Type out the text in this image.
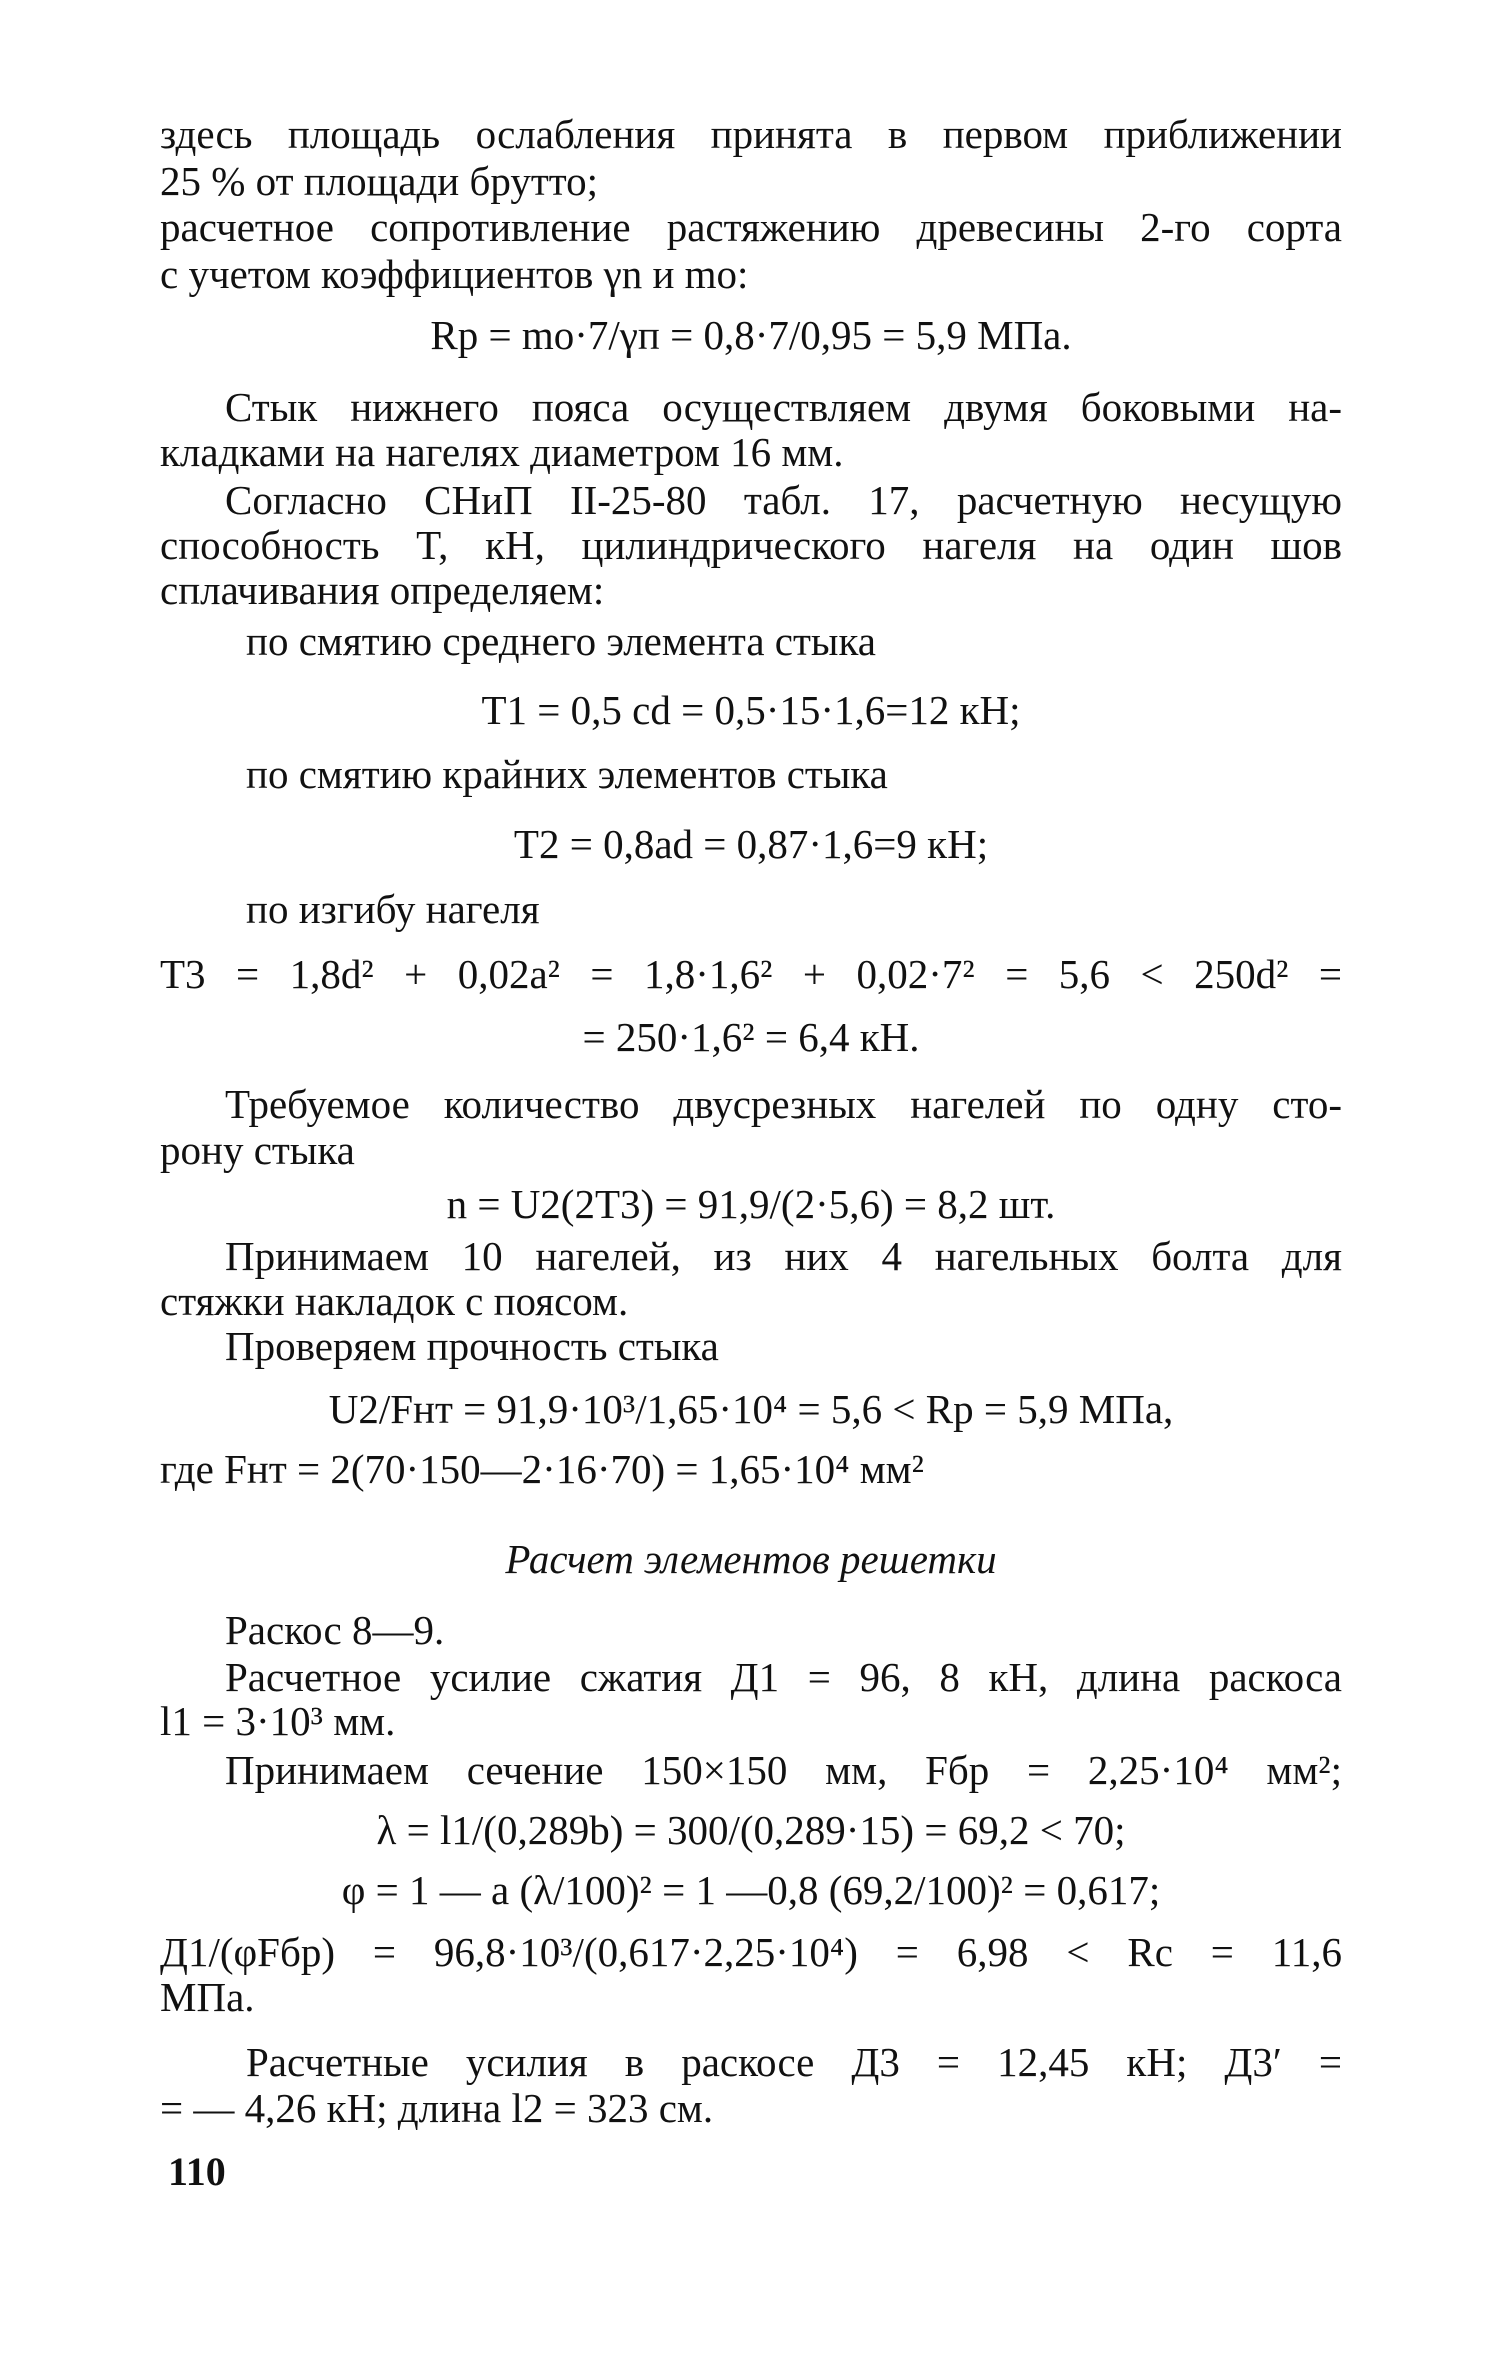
здесь площадь ослабления принята в первом приближении
25 % от площади брутто;
расчетное сопротивление растяжению древесины 2-го сорта
с учетом коэффициентов γn и mо:
Rp = mо·7/γп = 0,8·7/0,95 = 5,9 МПа.
Стык нижнего пояса осуществляем двумя боковыми на-
кладками на нагелях диаметром 16 мм.
Согласно СНиП II-25-80 табл. 17, расчетную несущую
способность T, кН, цилиндрического нагеля на один шов
сплачивания определяем:
по смятию среднего элемента стыка
T1 = 0,5 cd = 0,5·15·1,6=12 кН;
по смятию крайних элементов стыка
T2 = 0,8ad = 0,87·1,6=9 кН;
по изгибу нагеля
T3 = 1,8d² + 0,02a² = 1,8·1,6² + 0,02·7² = 5,6 < 250d² =
= 250·1,6² = 6,4 кН.
Требуемое количество двусрезных нагелей по одну сто-
рону стыка
n = U2(2T3) = 91,9/(2·5,6) = 8,2 шт.
Принимаем 10 нагелей, из них 4 нагельных болта для
стяжки накладок с поясом.
Проверяем прочность стыка
U2/Fнт = 91,9·10³/1,65·10⁴ = 5,6 < Rp = 5,9 МПа,
где Fнт = 2(70·150—2·16·70) = 1,65·10⁴ мм²
Расчет элементов решетки
Раскос 8—9.
Расчетное усилие сжатия Д1 = 96, 8 кН, длина раскоса
l1 = 3·10³ мм.
Принимаем сечение 150×150 мм, Fбр = 2,25·10⁴ мм²;
λ = l1/(0,289b) = 300/(0,289·15) = 69,2 < 70;
φ = 1 — a (λ/100)² = 1 —0,8 (69,2/100)² = 0,617;
Д1/(φFбр) = 96,8·10³/(0,617·2,25·10⁴) = 6,98 < Rc = 11,6
МПа.
Расчетные усилия в раскосе Д3 = 12,45 кН; Д3′ =
= — 4,26 кН; длина l2 = 323 см.
110
